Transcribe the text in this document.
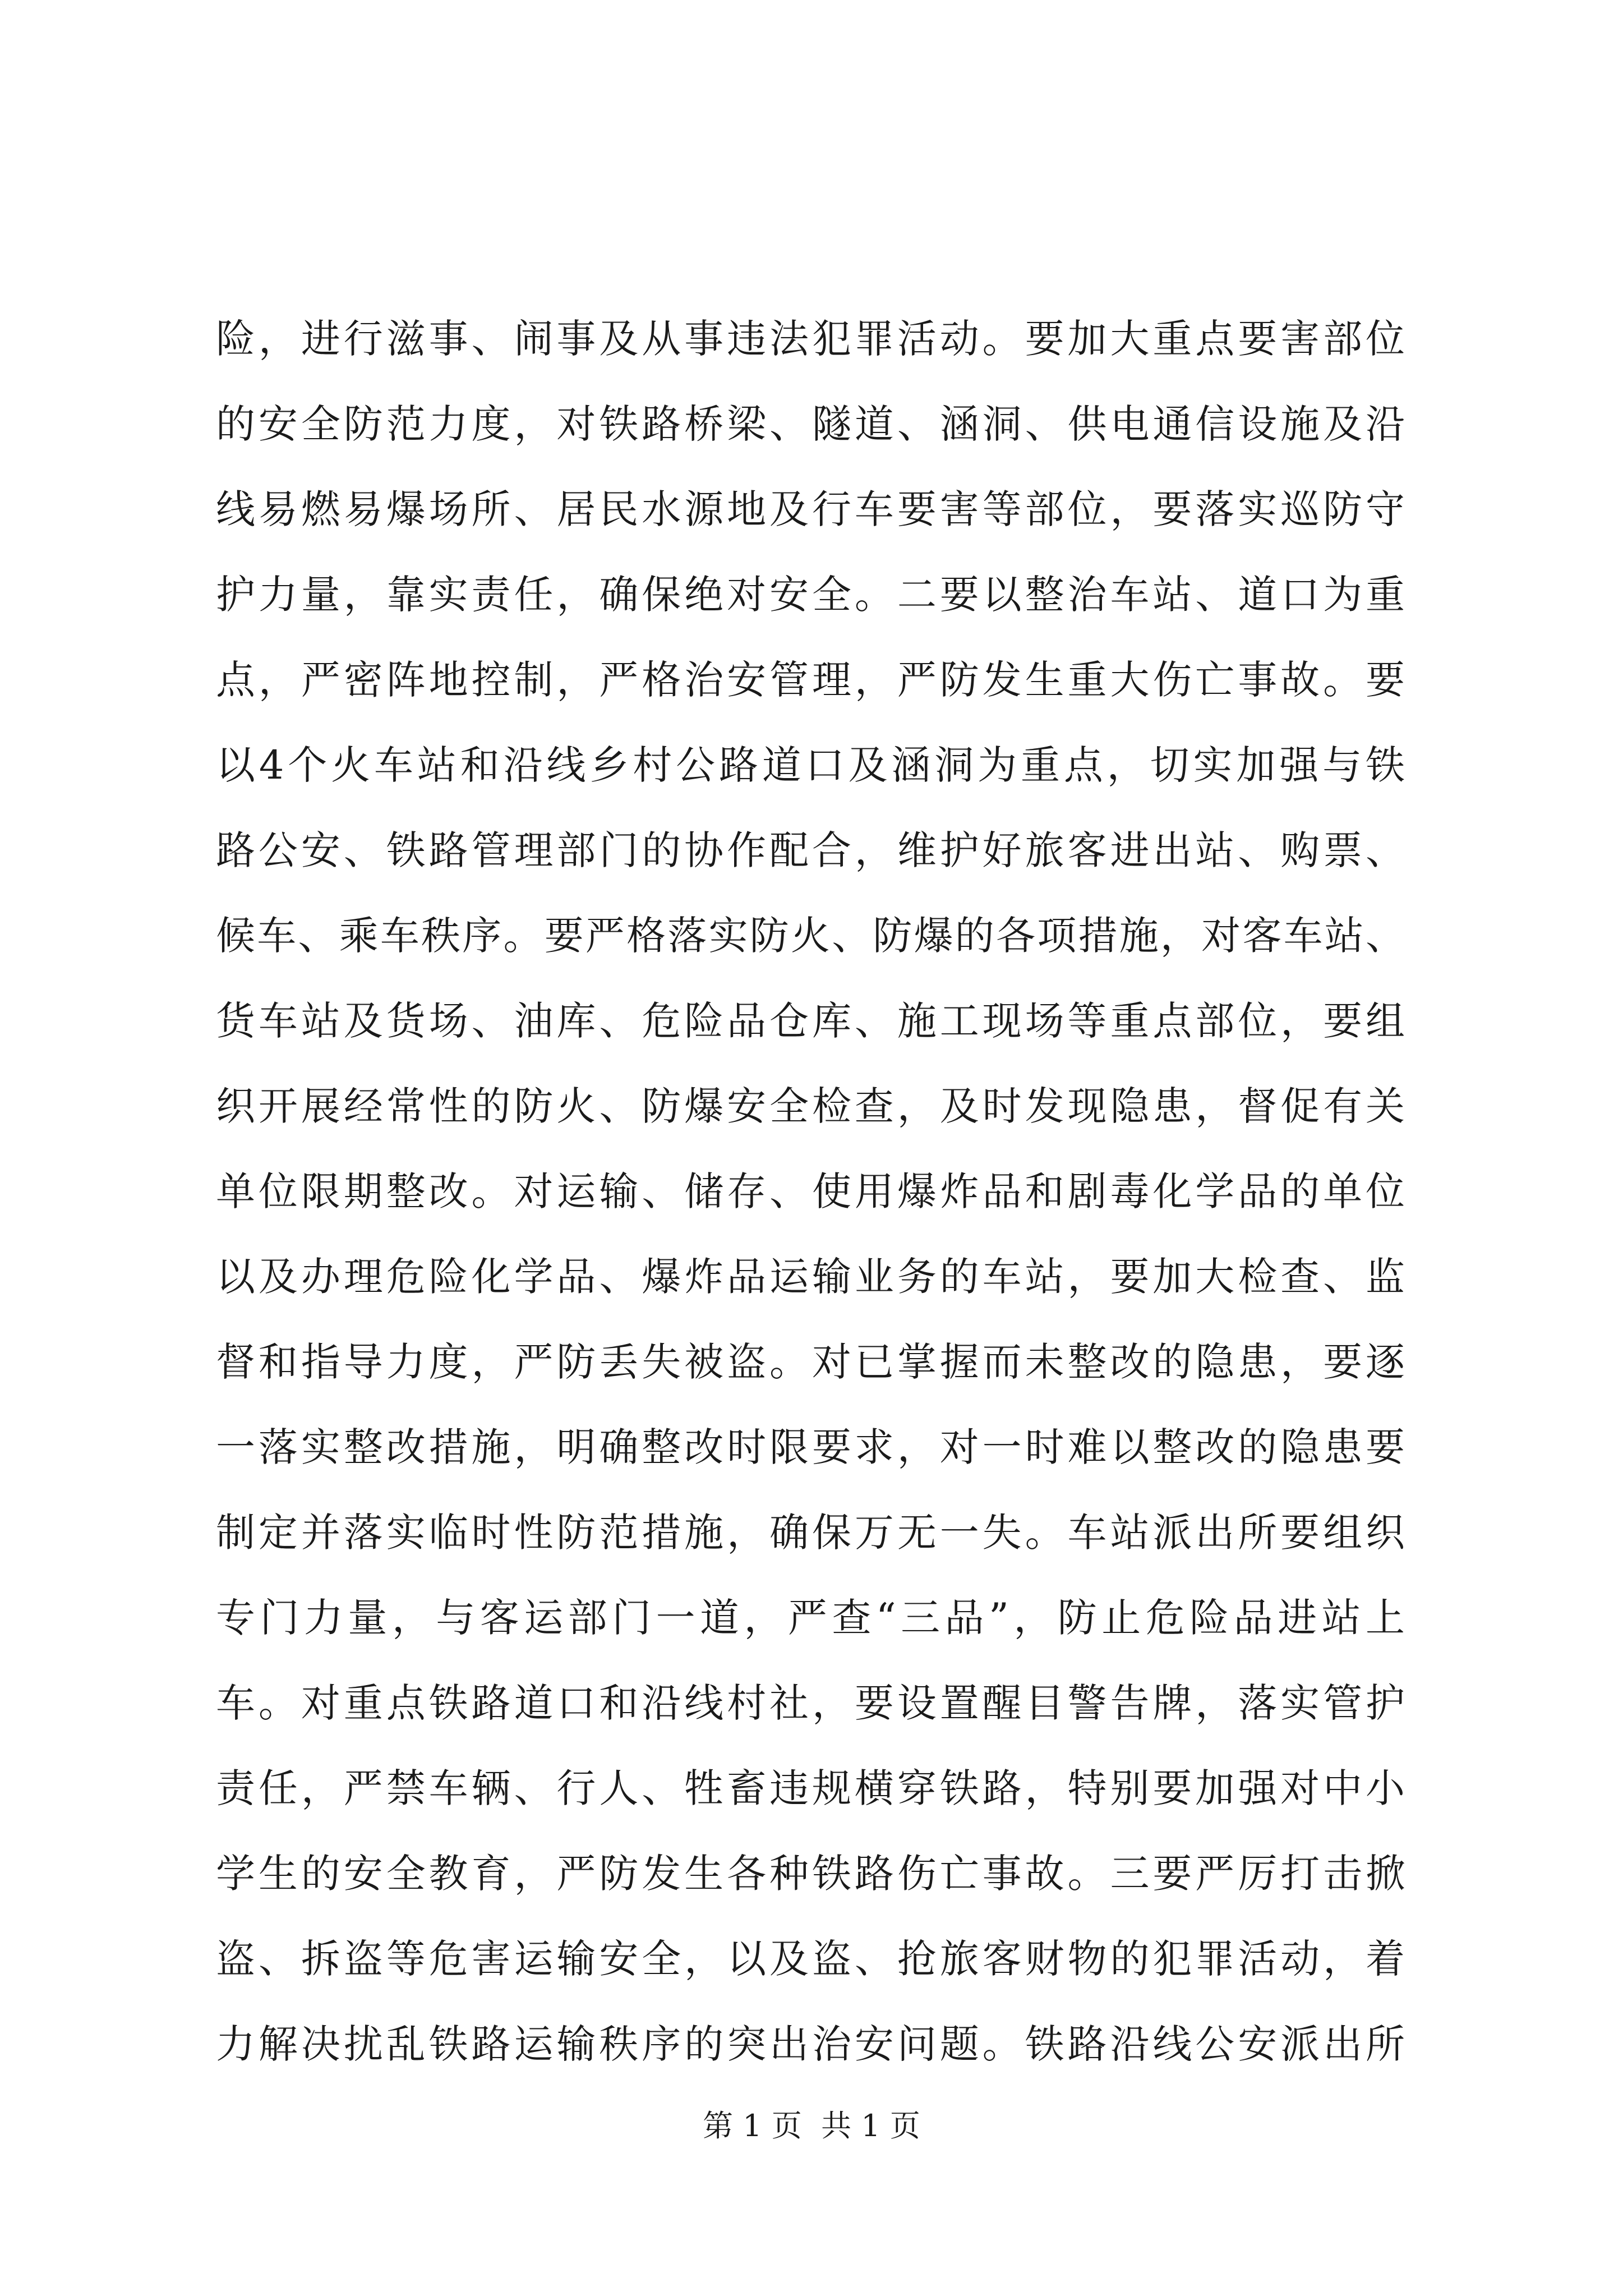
险，进行滋事、闹事及从事违法犯罪活动。要加大重点要害部位
的安全防范力度，对铁路桥梁、隧道、涵洞、供电通信设施及沿
线易燃易爆场所、居民水源地及行车要害等部位，要落实巡防守
护力量，靠实责任，确保绝对安全。二要以整治车站、道口为重
点，严密阵地控制，严格治安管理，严防发生重大伤亡事故。要
以4个火车站和沿线乡村公路道口及涵洞为重点，切实加强与铁
路公安、铁路管理部门的协作配合，维护好旅客进出站、购票、
候车、乘车秩序。要严格落实防火、防爆的各项措施，对客车站、
货车站及货场、油库、危险品仓库、施工现场等重点部位，要组
织开展经常性的防火、防爆安全检查，及时发现隐患，督促有关
单位限期整改。对运输、储存、使用爆炸品和剧毒化学品的单位
以及办理危险化学品、爆炸品运输业务的车站，要加大检查、监
督和指导力度，严防丢失被盗。对已掌握而未整改的隐患，要逐
一落实整改措施，明确整改时限要求，对一时难以整改的隐患要
制定并落实临时性防范措施，确保万无一失。车站派出所要组织
专门力量，与客运部门一道，严查“三品”，防止危险品进站上
车。对重点铁路道口和沿线村社，要设置醒目警告牌，落实管护
责任，严禁车辆、行人、牲畜违规横穿铁路，特别要加强对中小
学生的安全教育，严防发生各种铁路伤亡事故。三要严厉打击掀
盗、拆盗等危害运输安全，以及盗、抢旅客财物的犯罪活动，着
力解决扰乱铁路运输秩序的突出治安问题。铁路沿线公安派出所
第 1 页  共 1 页
